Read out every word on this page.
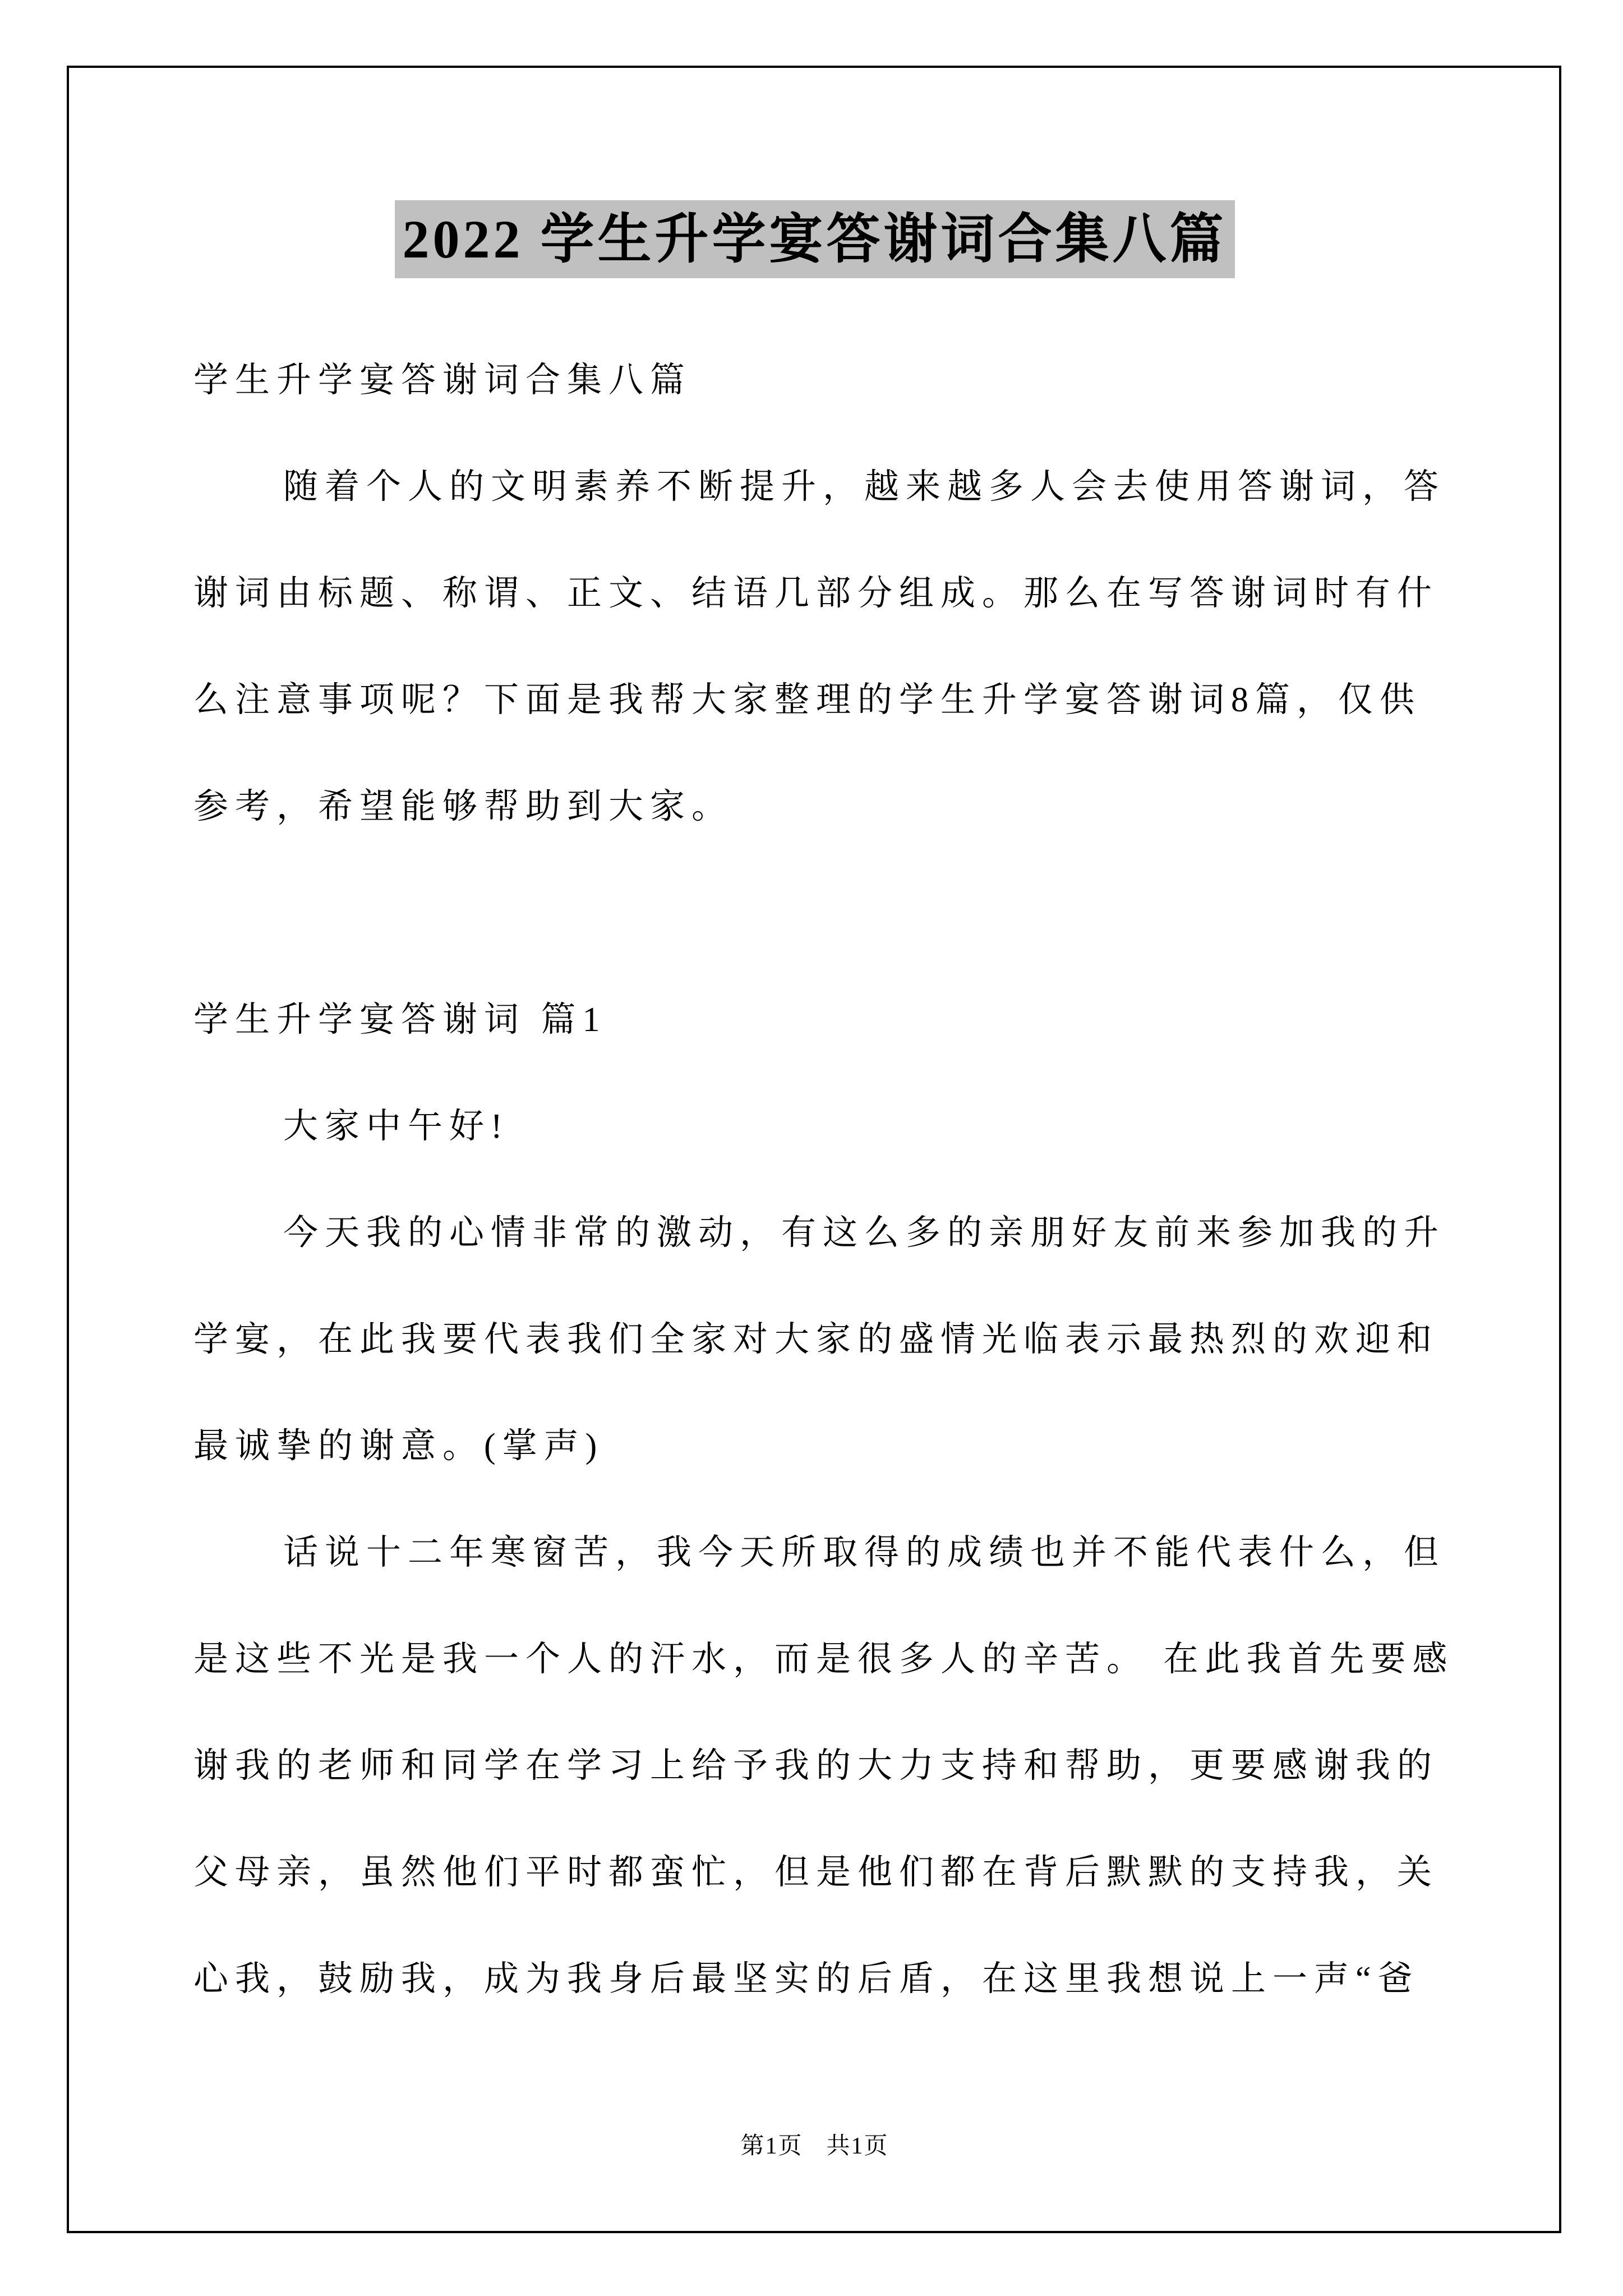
2022 学生升学宴答谢词合集八篇
学生升学宴答谢词合集八篇
随着个人的文明素养不断提升，越来越多人会去使用答谢词，答
谢词由标题、称谓、正文、结语几部分组成。那么在写答谢词时有什
么注意事项呢？下面是我帮大家整理的学生升学宴答谢词8篇，仅供
参考，希望能够帮助到大家。
学生升学宴答谢词 篇1
大家中午好!
今天我的心情非常的激动，有这么多的亲朋好友前来参加我的升
学宴，在此我要代表我们全家对大家的盛情光临表示最热烈的欢迎和
最诚挚的谢意。(掌声)
话说十二年寒窗苦，我今天所取得的成绩也并不能代表什么，但
是这些不光是我一个人的汗水，而是很多人的辛苦。 在此我首先要感
谢我的老师和同学在学习上给予我的大力支持和帮助，更要感谢我的
父母亲，虽然他们平时都蛮忙，但是他们都在背后默默的支持我，关
心我，鼓励我，成为我身后最坚实的后盾，在这里我想说上一声“爸
第1页 共1页
